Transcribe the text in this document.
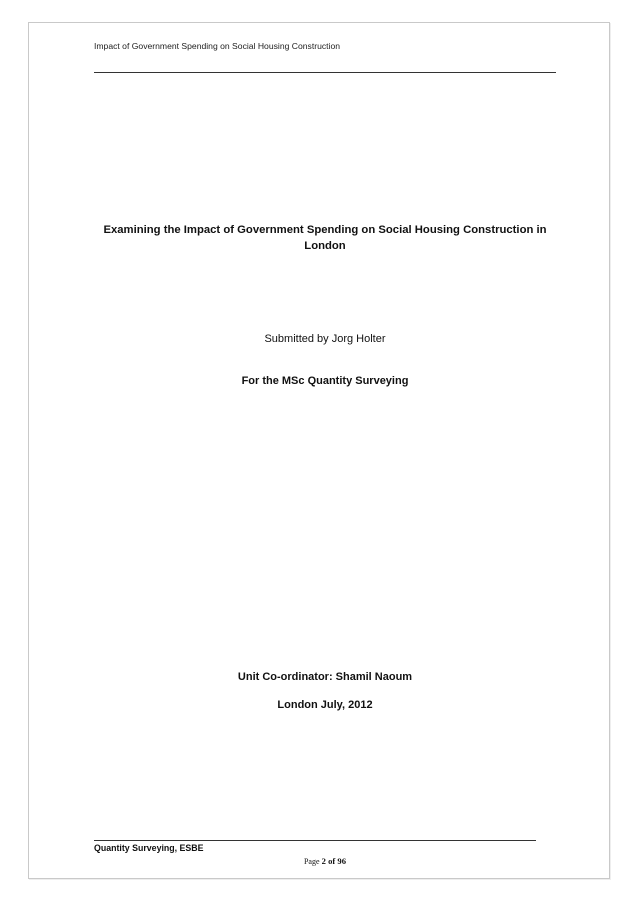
Impact of Government Spending on Social Housing Construction
Examining the Impact of Government Spending on Social Housing Construction in London
Submitted by Jorg Holter
For the MSc Quantity Surveying
Unit Co-ordinator: Shamil Naoum
London July, 2012
Quantity Surveying, ESBE
Page 2 of 96
